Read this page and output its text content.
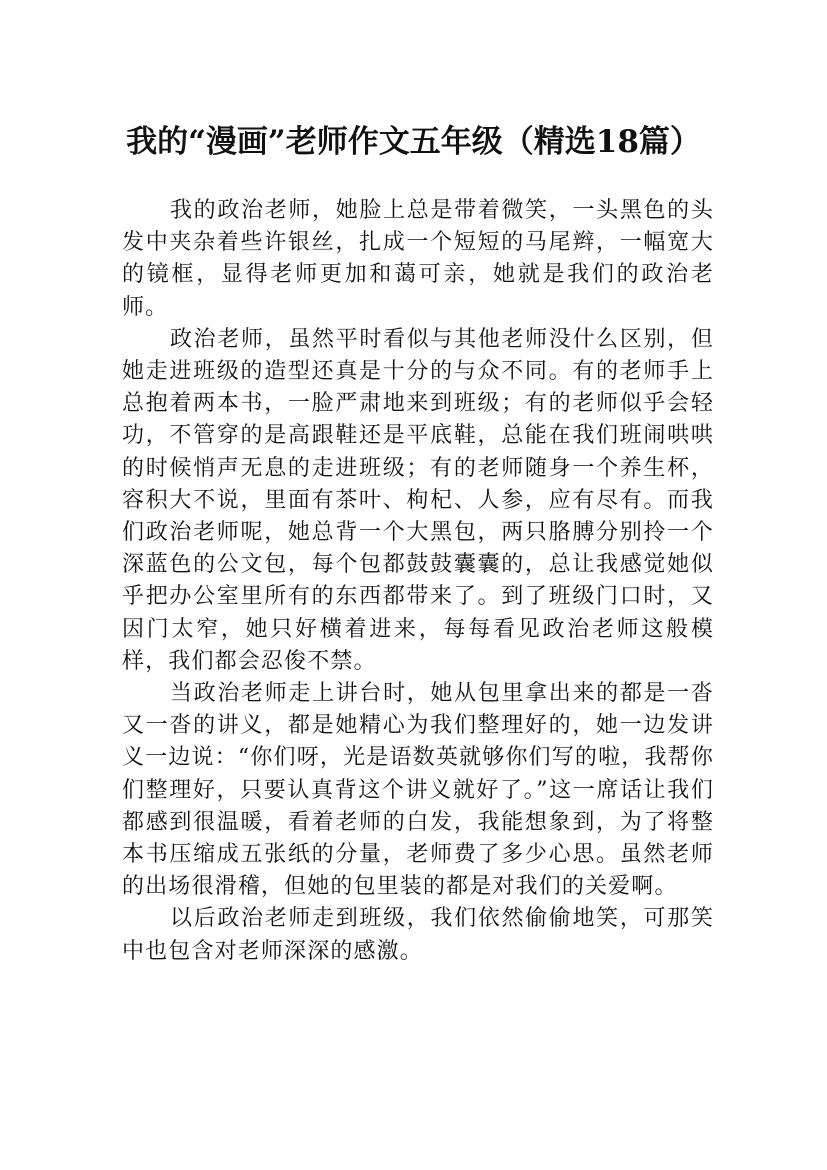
我的“漫画”老师作文五年级（精选18篇）

我的政治老师，她脸上总是带着微笑，一头黑色的头发中夹杂着些许银丝，扎成一个短短的马尾辫，一幅宽大的镜框，显得老师更加和蔼可亲，她就是我们的政治老师。

政治老师，虽然平时看似与其他老师没什么区别，但她走进班级的造型还真是十分的与众不同。有的老师手上总抱着两本书，一脸严肃地来到班级；有的老师似乎会轻功，不管穿的是高跟鞋还是平底鞋，总能在我们班闹哄哄的时候悄声无息的走进班级；有的老师随身一个养生杯，容积大不说，里面有茶叶、枸杞、人参，应有尽有。而我们政治老师呢，她总背一个大黑包，两只胳膊分别拎一个深蓝色的公文包，每个包都鼓鼓囊囊的，总让我感觉她似乎把办公室里所有的东西都带来了。到了班级门口时，又因门太窄，她只好横着进来，每每看见政治老师这般模样，我们都会忍俊不禁。

当政治老师走上讲台时，她从包里拿出来的都是一沓又一沓的讲义，都是她精心为我们整理好的，她一边发讲义一边说：“你们呀，光是语数英就够你们写的啦，我帮你们整理好，只要认真背这个讲义就好了。”这一席话让我们都感到很温暖，看着老师的白发，我能想象到，为了将整本书压缩成五张纸的分量，老师费了多少心思。虽然老师的出场很滑稽，但她的包里装的都是对我们的关爱啊。

以后政治老师走到班级，我们依然偷偷地笑，可那笑中也包含对老师深深的感激。
